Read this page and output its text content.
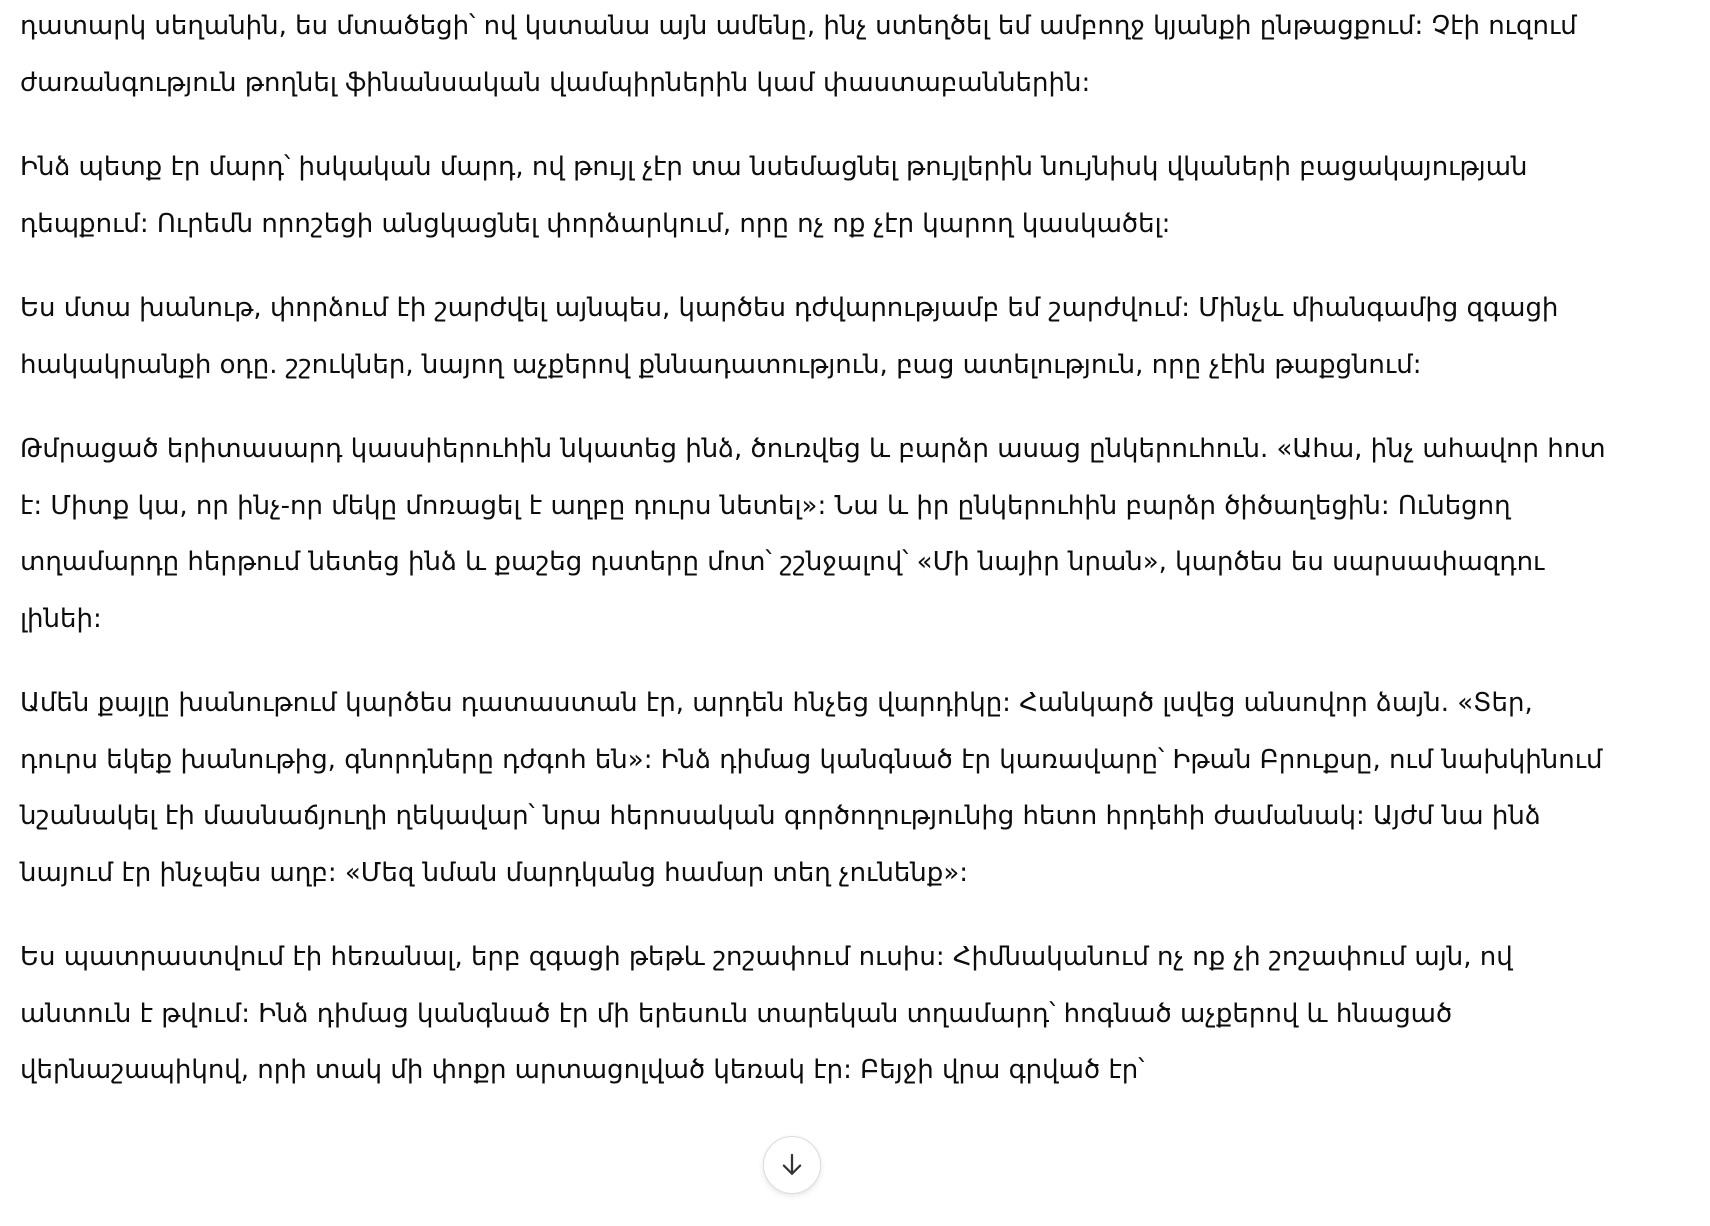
դատարկ սեղանին, ես մտածեցի՝ ով կստանա այն ամենը, ինչ ստեղծել եմ ամբողջ կյանքի ընթացքում: Չէի ուզում ժառանգություն թողնել ֆինանսական վամպիրներին կամ փաստաբաններին:

Ինձ պետք էր մարդ՝ իսկական մարդ, ով թույլ չէր տա նսեմացնել թույլերին նույնիսկ վկաների բացակայության դեպքում: Ուրեմն որոշեցի անցկացնել փորձարկում, որը ոչ ոք չէր կարող կասկածել:

Ես մտա խանութ, փորձում էի շարժվել այնպես, կարծես դժվարությամբ եմ շարժվում: Մինչև միանգամից զգացի հակակրանքի օդը. շշուկներ, նայող աչքերով քննադատություն, բաց ատելություն, որը չէին թաքցնում:

Թմրացած երիտասարդ կասսիերուհին նկատեց ինձ, ծուռվեց և բարձր ասաց ընկերուհուն. «Ահա, ինչ ահավոր հոտ է: Միտք կա, որ ինչ-որ մեկը մոռացել է աղբը դուրս նետել»: Նա և իր ընկերուհին բարձր ծիծաղեցին: Ունեցող տղամարդը հերթում նետեց ինձ և քաշեց դստերը մոտ՝ շշնջալով՝ «Մի նայիր նրան», կարծես ես սարսափազդու լինեի:

Ամեն քայլը խանութում կարծես դատաստան էր, արդեն հնչեց վարդիկը: Հանկարծ լսվեց անսովոր ձայն. «Տեր, դուրս եկեք խանութից, գնորդները դժգոհ են»: Ինձ դիմաց կանգնած էր կառավարը՝ Իթան Բրուքսը, ում նախկինում նշանակել էի մասնաճյուղի ղեկավար՝ նրա հերոսական գործողությունից հետո հրդեհի ժամանակ: Այժմ նա ինձ նայում էր ինչպես աղբ: «Մեզ նման մարդկանց համար տեղ չունենք»:

Ես պատրաստվում էի հեռանալ, երբ զգացի թեթև շոշափում ուսիս: Հիմնականում ոչ ոք չի շոշափում այն, ով անտուն է թվում: Ինձ դիմաց կանգնած էր մի երեսուն տարեկան տղամարդ՝ հոգնած աչքերով և հնացած վերնաշապիկով, որի տակ մի փոքր արտացոլված կեռակ էր: Բեյջի վրա գրված էր՝
